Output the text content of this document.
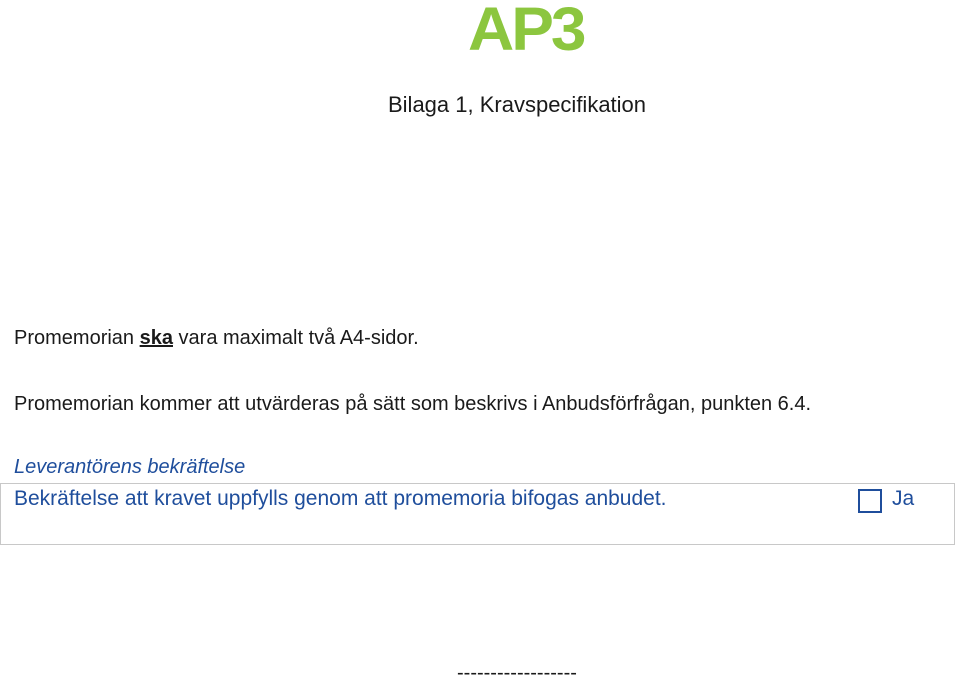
AP3
Bilaga 1, Kravspecifikation
Promemorian ska vara maximalt två A4-sidor.
Promemorian kommer att utvärderas på sätt som beskrivs i Anbudsförfrågan, punkten 6.4.
Leverantörens bekräftelse
Bekräftelse att kravet uppfylls genom att promemoria bifogas anbudet.	Ja
------------------
